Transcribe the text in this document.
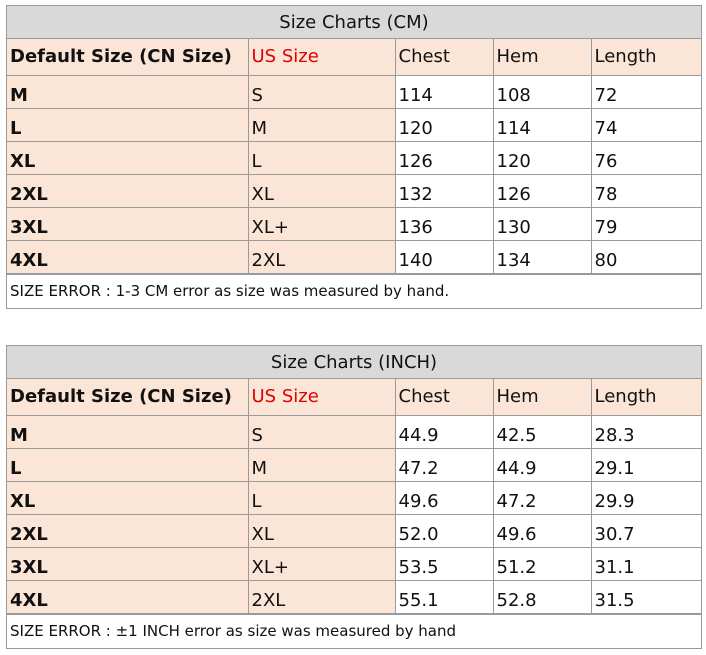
Size Charts (CM)
Default Size (CN Size)	US Size	Chest	Hem	Length
M	S	114	108	72
L	M	120	114	74
XL	L	126	120	76
2XL	XL	132	126	78
3XL	XL+	136	130	79
4XL	2XL	140	134	80
SIZE ERROR : 1-3 CM error as size was measured by hand.
Size Charts (INCH)
Default Size (CN Size)	US Size	Chest	Hem	Length
M	S	44.9	42.5	28.3
L	M	47.2	44.9	29.1
XL	L	49.6	47.2	29.9
2XL	XL	52.0	49.6	30.7
3XL	XL+	53.5	51.2	31.1
4XL	2XL	55.1	52.8	31.5
SIZE ERROR : ±1 INCH error as size was measured by hand
